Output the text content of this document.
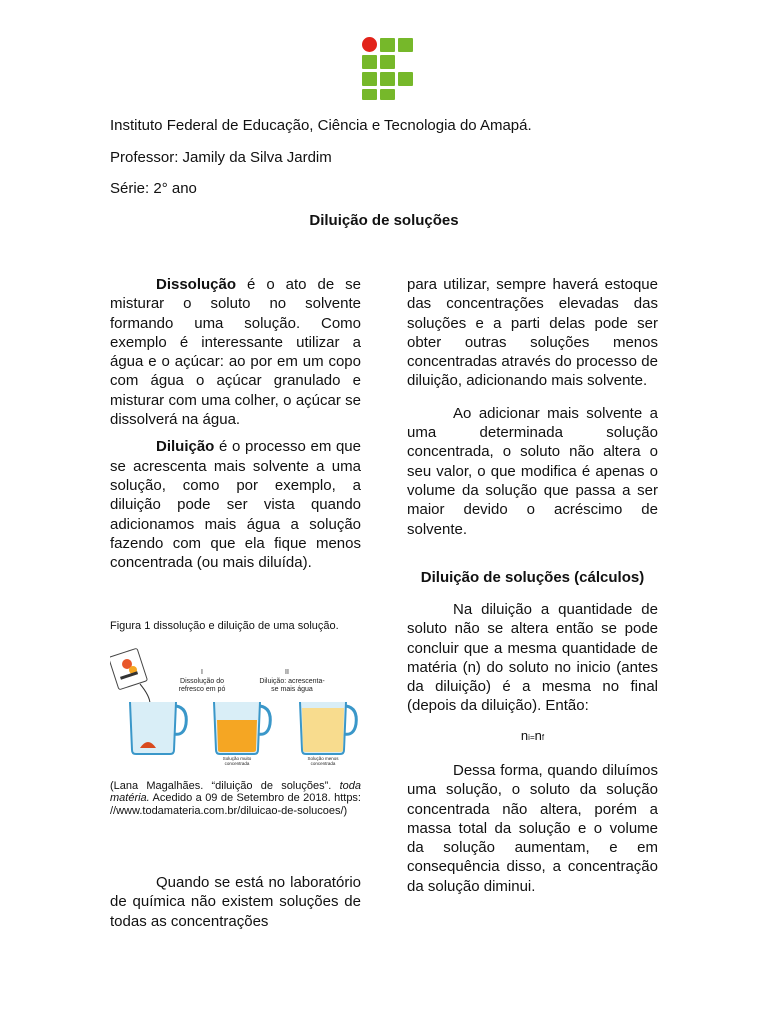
Instituto Federal de Educação, Ciência e Tecnologia do Amapá.

Professor: Jamily da Silva Jardim

Série: 2° ano

Diluição de soluções

Dissolução é o ato de se misturar o soluto no solvente formando uma solução. Como exemplo é interessante utilizar a água e o açúcar: ao por em um copo com água o açúcar granulado e misturar com uma colher, o açúcar se dissolverá na água.

Diluição é o processo em que se acrescenta mais solvente a uma solução, como por exemplo, a diluição pode ser vista quando adicionamos mais água a solução fazendo com que ela fique menos concentrada (ou mais diluída).

Figura 1 dissolução e diluição de uma solução.

I
Dissolução do
refresco em pó
II
Diluição: acrescenta-
se mais água
Solução muito
concentrada
Solução menos
concentrada

(Lana Magalhães. “diluição de soluções”. toda matéria. Acedido a 09 de Setembro de 2018. https: //www.todamateria.com.br/diluicao-de-solucoes/)

Quando se está no laboratório de química não existem soluções de todas as concentrações

para utilizar, sempre haverá estoque das concentrações elevadas das soluções e a parti delas pode ser obter outras soluções menos concentradas através do processo de diluição, adicionando mais solvente.

Ao adicionar mais solvente a uma determinada solução concentrada, o soluto não altera o seu valor, o que modifica é apenas o volume da solução que passa a ser maior devido o acréscimo de solvente.

Diluição de soluções (cálculos)

Na diluição a quantidade de soluto não se altera então se pode concluir que a mesma quantidade de matéria (n) do soluto no inicio (antes da diluição) é a mesma no final (depois da diluição). Então:

ni=nf

Dessa forma, quando diluímos uma solução, o soluto da solução concentrada não altera, porém a massa total da solução e o volume da solução aumentam, e em consequência disso, a concentração da solução diminui.
